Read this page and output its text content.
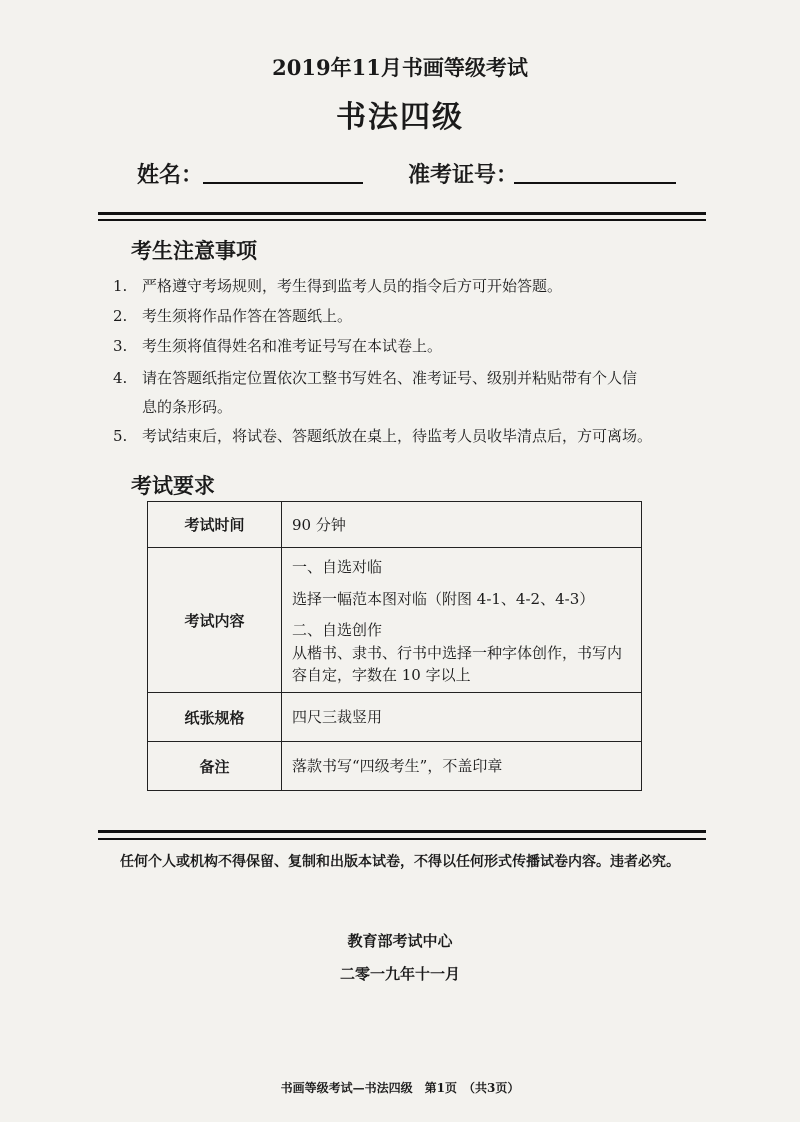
2019年11月书画等级考试
书法四级
姓名：	准考证号：
考生注意事项
1. 严格遵守考场规则，考生得到监考人员的指令后方可开始答题。
2. 考生须将作品作答在答题纸上。
3. 考生须将值得姓名和准考证号写在本试卷上。
4. 请在答题纸指定位置依次工整书写姓名、准考证号、级别并粘贴带有个人信
息的条形码。
5. 考试结束后，将试卷、答题纸放在桌上，待监考人员收毕清点后，方可离场。
考试要求
考试时间	90 分钟

考试内容	一、自选对临
选择一幅范本图对临（附图 4-1、4-2、4-3）
二、自选创作
从楷书、隶书、行书中选择一种字体创作，书写内
容自定，字数在 10 字以上

纸张规格	四尺三裁竖用

备注	落款书写“四级考生”，不盖印章
任何个人或机构不得保留、复制和出版本试卷，不得以任何形式传播试卷内容。违者必究。
教育部考试中心
二零一九年十一月
书画等级考试—书法四级　第1页　（共3页）
